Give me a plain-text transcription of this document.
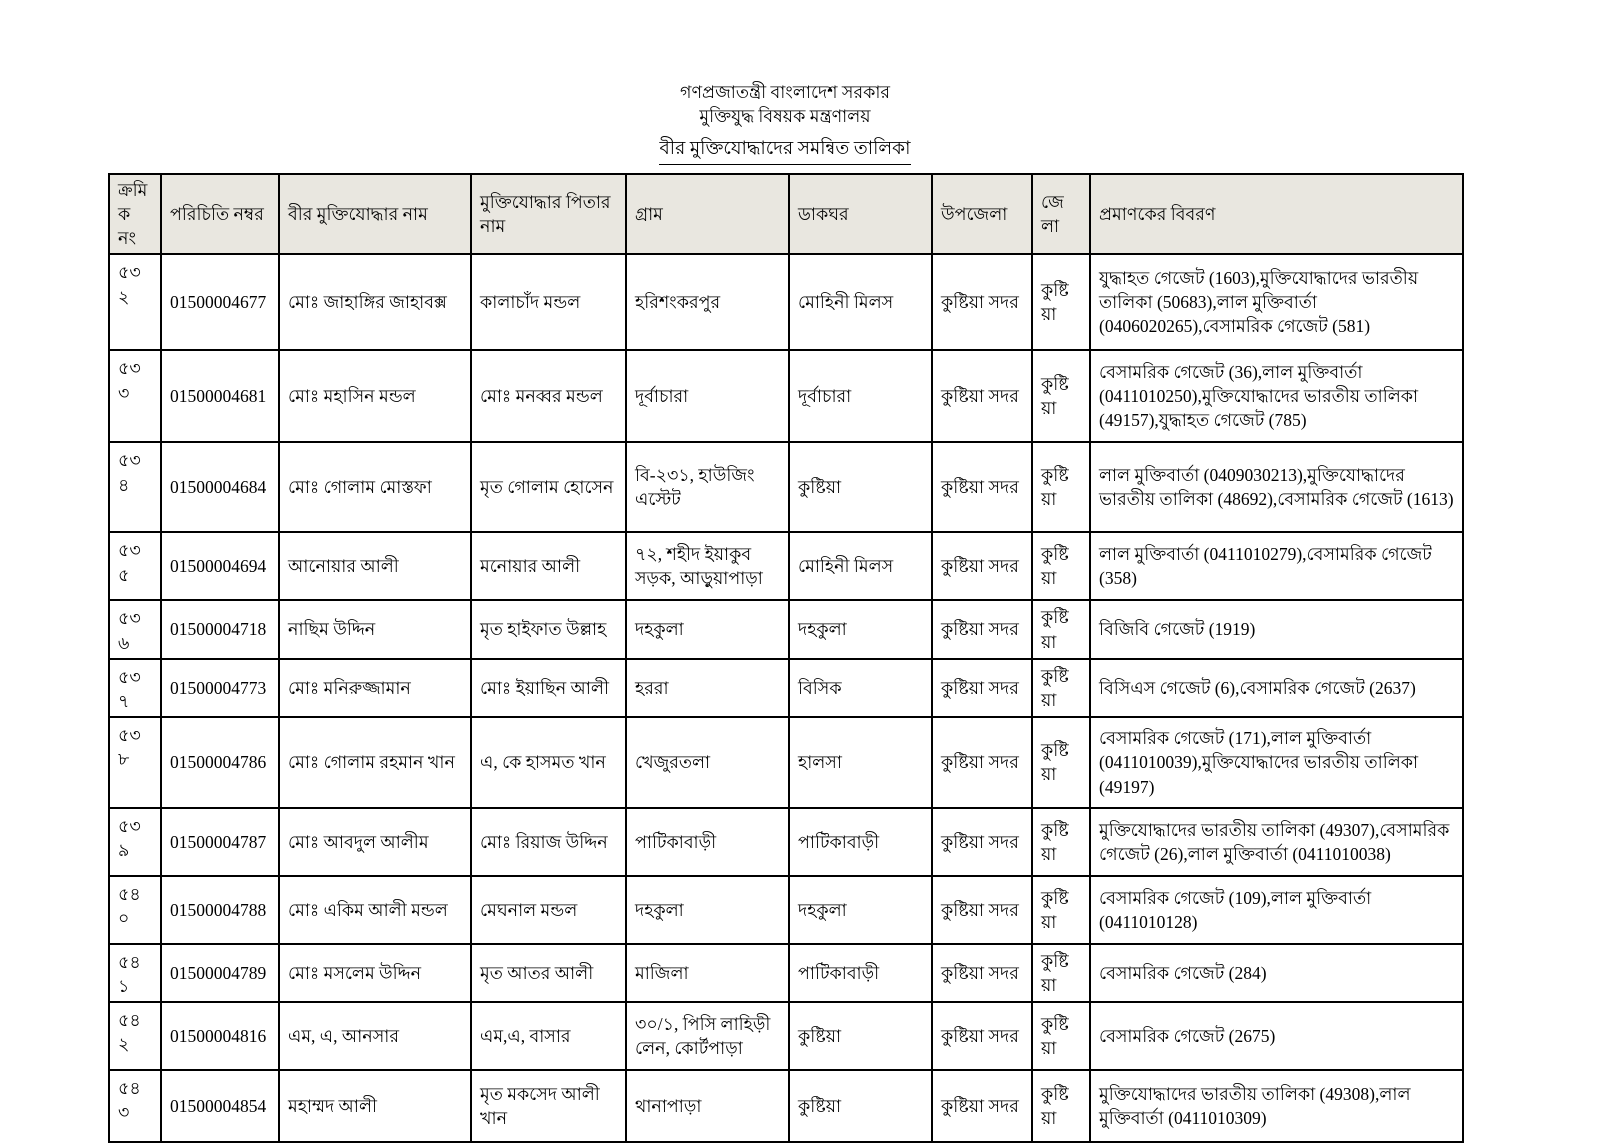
গণপ্রজাতন্ত্রী বাংলাদেশ সরকার
মুক্তিযুদ্ধ বিষয়ক মন্ত্রণালয়
বীর মুক্তিযোদ্ধাদের সমন্বিত তালিকা
ক্রমিক নং	পরিচিতি নম্বর	বীর মুক্তিযোদ্ধার নাম	মুক্তিযোদ্ধার পিতার নাম	গ্রাম	ডাকঘর	উপজেলা	জেলা	প্রমাণকের বিবরণ
৫৩২	01500004677	মোঃ জাহাঙ্গির জাহাবক্স	কালাচাঁদ মন্ডল	হরিশংকরপুর	মোহিনী মিলস	কুষ্টিয়া সদর	কুষ্টিয়া	যুদ্ধাহত গেজেট (1603),মুক্তিযোদ্ধাদের ভারতীয় তালিকা (50683),লাল মুক্তিবার্তা (0406020265),বেসামরিক গেজেট (581)
৫৩৩	01500004681	মোঃ মহাসিন মন্ডল	মোঃ মনব্বর মন্ডল	দূর্বাচারা	দূর্বাচারা	কুষ্টিয়া সদর	কুষ্টিয়া	বেসামরিক গেজেট (36),লাল মুক্তিবার্তা (0411010250),মুক্তিযোদ্ধাদের ভারতীয় তালিকা (49157),যুদ্ধাহত গেজেট (785)
৫৩৪	01500004684	মোঃ গোলাম মোস্তফা	মৃত গোলাম হোসেন	বি-২৩১, হাউজিং এস্টেট	কুষ্টিয়া	কুষ্টিয়া সদর	কুষ্টিয়া	লাল মুক্তিবার্তা (0409030213),মুক্তিযোদ্ধাদের ভারতীয় তালিকা (48692),বেসামরিক গেজেট (1613)
৫৩৫	01500004694	আনোয়ার আলী	মনোয়ার আলী	৭২, শহীদ ইয়াকুব সড়ক, আড়ুয়াপাড়া	মোহিনী মিলস	কুষ্টিয়া সদর	কুষ্টিয়া	লাল মুক্তিবার্তা (0411010279),বেসামরিক গেজেট (358)
৫৩৬	01500004718	নাছিম উদ্দিন	মৃত হাইফাত উল্লাহ	দহকুলা	দহকুলা	কুষ্টিয়া সদর	কুষ্টিয়া	বিজিবি গেজেট (1919)
৫৩৭	01500004773	মোঃ মনিরুজ্জামান	মোঃ ইয়াছিন আলী	হররা	বিসিক	কুষ্টিয়া সদর	কুষ্টিয়া	বিসিএস গেজেট (6),বেসামরিক গেজেট (2637)
৫৩৮	01500004786	মোঃ গোলাম রহমান খান	এ, কে হাসমত খান	খেজুরতলা	হালসা	কুষ্টিয়া সদর	কুষ্টিয়া	বেসামরিক গেজেট (171),লাল মুক্তিবার্তা (0411010039),মুক্তিযোদ্ধাদের ভারতীয় তালিকা (49197)
৫৩৯	01500004787	মোঃ আবদুল আলীম	মোঃ রিয়াজ উদ্দিন	পাটিকাবাড়ী	পাটিকাবাড়ী	কুষ্টিয়া সদর	কুষ্টিয়া	মুক্তিযোদ্ধাদের ভারতীয় তালিকা (49307),বেসামরিক গেজেট (26),লাল মুক্তিবার্তা (0411010038)
৫৪০	01500004788	মোঃ একিম আলী মন্ডল	মেঘনাল মন্ডল	দহকুলা	দহকুলা	কুষ্টিয়া সদর	কুষ্টিয়া	বেসামরিক গেজেট (109),লাল মুক্তিবার্তা (0411010128)
৫৪১	01500004789	মোঃ মসলেম উদ্দিন	মৃত আতর আলী	মাজিলা	পাটিকাবাড়ী	কুষ্টিয়া সদর	কুষ্টিয়া	বেসামরিক গেজেট (284)
৫৪২	01500004816	এম, এ, আনসার	এম,এ, বাসার	৩০/১, পিসি লাহিড়ী লেন, কোর্টপাড়া	কুষ্টিয়া	কুষ্টিয়া সদর	কুষ্টিয়া	বেসামরিক গেজেট (2675)
৫৪৩	01500004854	মহাম্মদ আলী	মৃত মকসেদ আলী খান	থানাপাড়া	কুষ্টিয়া	কুষ্টিয়া সদর	কুষ্টিয়া	মুক্তিযোদ্ধাদের ভারতীয় তালিকা (49308),লাল মুক্তিবার্তা (0411010309)
